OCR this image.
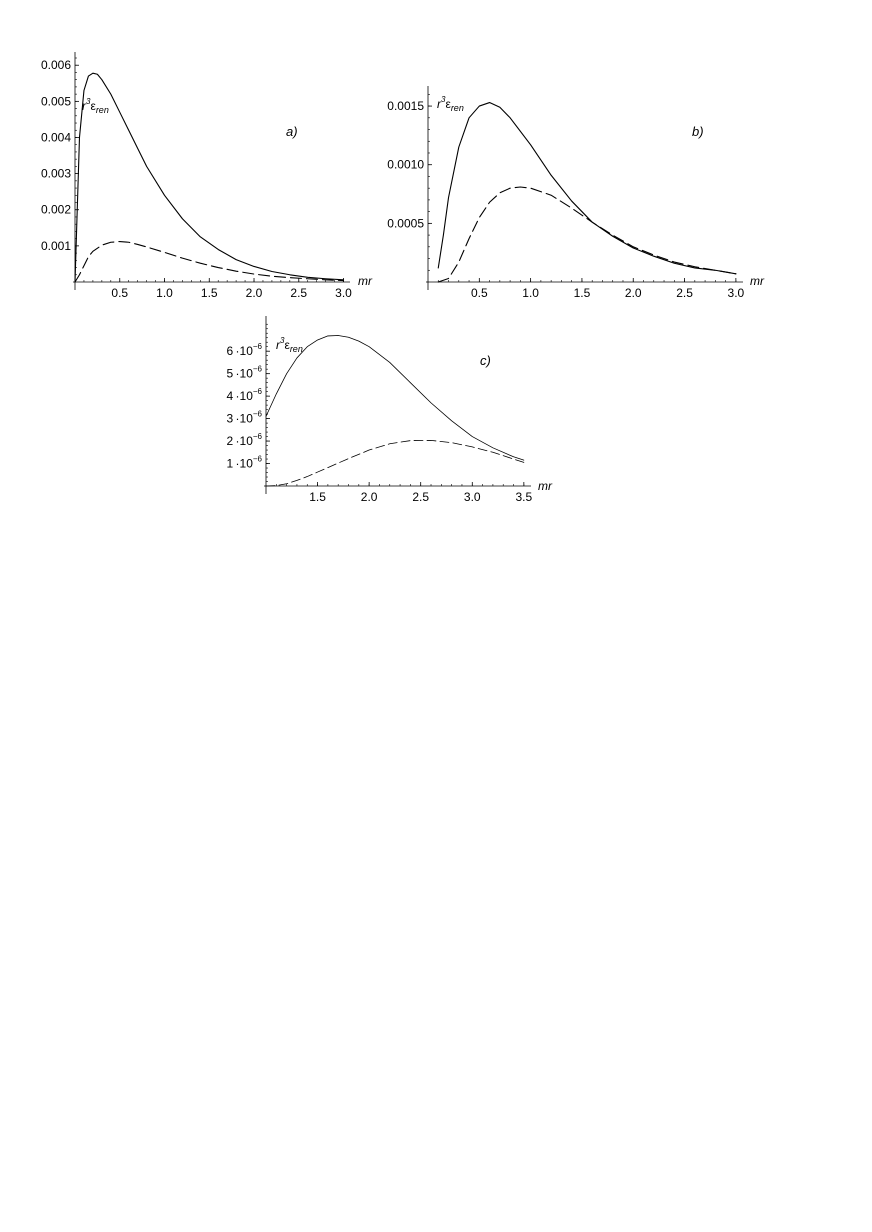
0.5 1.0 1.5 2.0 2.5 3.0
0.001
0.002
0.003
0.004
0.005
0.006
$r^3\varepsilon_{ren}$
mr
a)
0.5	1.0	1.5	2.0	2.5	3.0
0.0005
0.0010
0.0015 $r^3\varepsilon_{ren}$
mr
b)
1.5	2.0	2.5	3.0	3.5
$1 \cdot 10^{-6}$
$2 \cdot 10^{-6}$
$3 \cdot 10^{-6}$
$4 \cdot 10^{-6}$
$5 \cdot 10^{-6}$
$6 \cdot 10^{-6}$ $r^3\varepsilon_{ren}$
mr
c)
